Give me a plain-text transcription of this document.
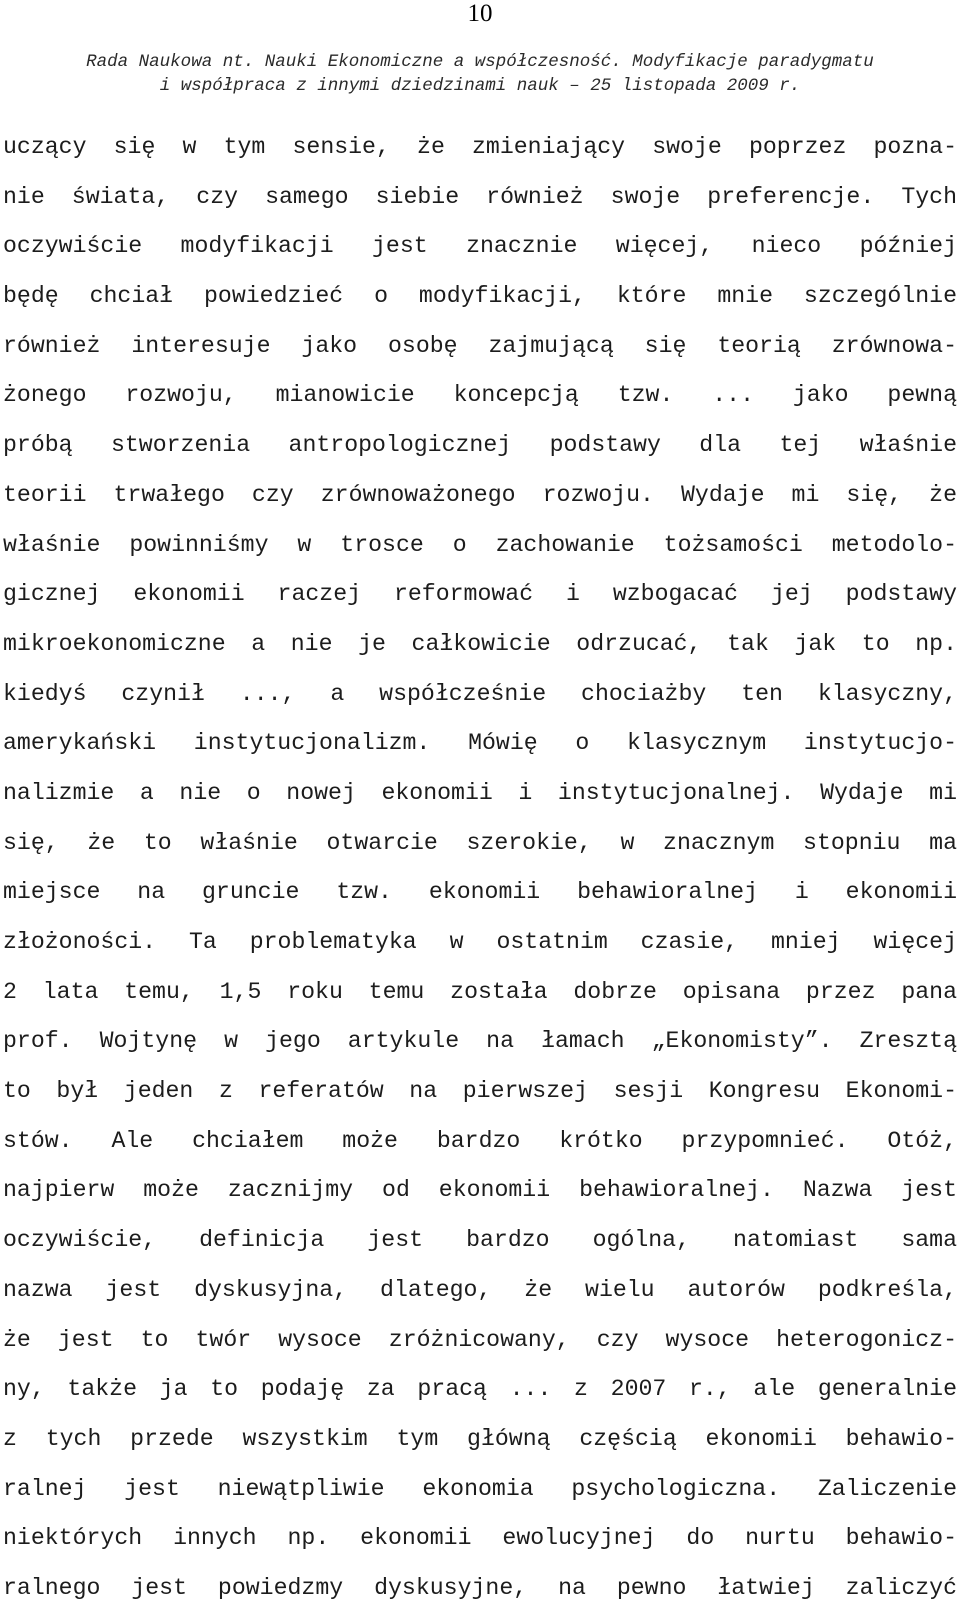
10
Rada Naukowa nt. Nauki Ekonomiczne a współczesność. Modyfikacje paradygmatu
i współpraca z innymi dziedzinami nauk – 25 listopada 2009 r.
uczący się w tym sensie, że zmieniający swoje poprzez pozna-
nie świata, czy samego siebie również swoje preferencje. Tych
oczywiście modyfikacji jest znacznie więcej, nieco później
będę chciał powiedzieć o modyfikacji, które mnie szczególnie
również interesuje jako osobę zajmującą się teorią zrównowa-
żonego rozwoju, mianowicie koncepcją tzw. ... jako pewną
próbą stworzenia antropologicznej podstawy dla tej właśnie
teorii trwałego czy zrównoważonego rozwoju. Wydaje mi się, że
właśnie powinniśmy w trosce o zachowanie tożsamości metodolo-
gicznej ekonomii raczej reformować i wzbogacać jej podstawy
mikroekonomiczne a nie je całkowicie odrzucać, tak jak to np.
kiedyś czynił ..., a współcześnie chociażby ten klasyczny,
amerykański instytucjonalizm. Mówię o klasycznym instytucjo-
nalizmie a nie o nowej ekonomii i instytucjonalnej. Wydaje mi
się, że to właśnie otwarcie szerokie, w znacznym stopniu ma
miejsce na gruncie tzw. ekonomii behawioralnej i ekonomii
złożoności. Ta problematyka w ostatnim czasie, mniej więcej
2 lata temu, 1,5 roku temu została dobrze opisana przez pana
prof. Wojtynę w jego artykule na łamach „Ekonomisty”. Zresztą
to był jeden z referatów na pierwszej sesji Kongresu Ekonomi-
stów. Ale chciałem może bardzo krótko przypomnieć. Otóż,
najpierw może zacznijmy od ekonomii behawioralnej. Nazwa jest
oczywiście, definicja jest bardzo ogólna, natomiast sama
nazwa jest dyskusyjna, dlatego, że wielu autorów podkreśla,
że jest to twór wysoce zróżnicowany, czy wysoce heterogonicz-
ny, także ja to podaję za pracą ... z 2007 r., ale generalnie
z tych przede wszystkim tym główną częścią ekonomii behawio-
ralnej jest niewątpliwie ekonomia psychologiczna. Zaliczenie
niektórych innych np. ekonomii ewolucyjnej do nurtu behawio-
ralnego jest powiedzmy dyskusyjne, na pewno łatwiej zaliczyć
